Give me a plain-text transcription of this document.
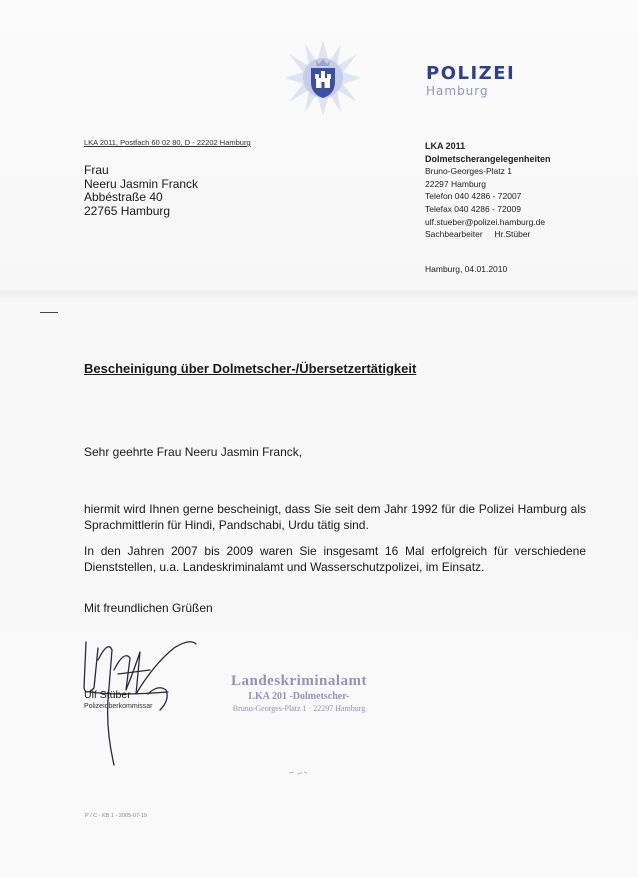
POLIZEI
Hamburg
LKA 2011, Postfach 60 02 80, D - 22202 Hamburg
Frau
Neeru Jasmin Franck
Abbéstraße 40
22765 Hamburg
LKA 2011
Dolmetscherangelegenheiten
Bruno-Georges-Platz 1
22297 Hamburg
Telefon 040 4286 - 72007
Telefax 040 4286 - 72009
ulf.stueber@polizei.hamburg.de
Sachbearbeiter Hr.Stüber
Hamburg, 04.01.2010
Bescheinigung über Dolmetscher-/Übersetzertätigkeit
Sehr geehrte Frau Neeru Jasmin Franck,
hiermit wird Ihnen gerne bescheinigt, dass Sie seit dem Jahr 1992 für die Polizei Hamburg als Sprachmittlerin für Hindi, Pandschabi, Urdu tätig sind.
In den Jahren 2007 bis 2009 waren Sie insgesamt 16 Mal erfolgreich für verschiedene Dienststellen, u.a. Landeskriminalamt und Wasserschutzpolizei, im Einsatz.
Mit freundlichen Grüßen
Ulf Stüber
Polizeioberkommissar
Landeskriminalamt
LKA 201 -Dolmetscher-
Bruno-Georges-Platz 1 · 22297 Hamburg
P / C - KB 1 - 2005-07-19
